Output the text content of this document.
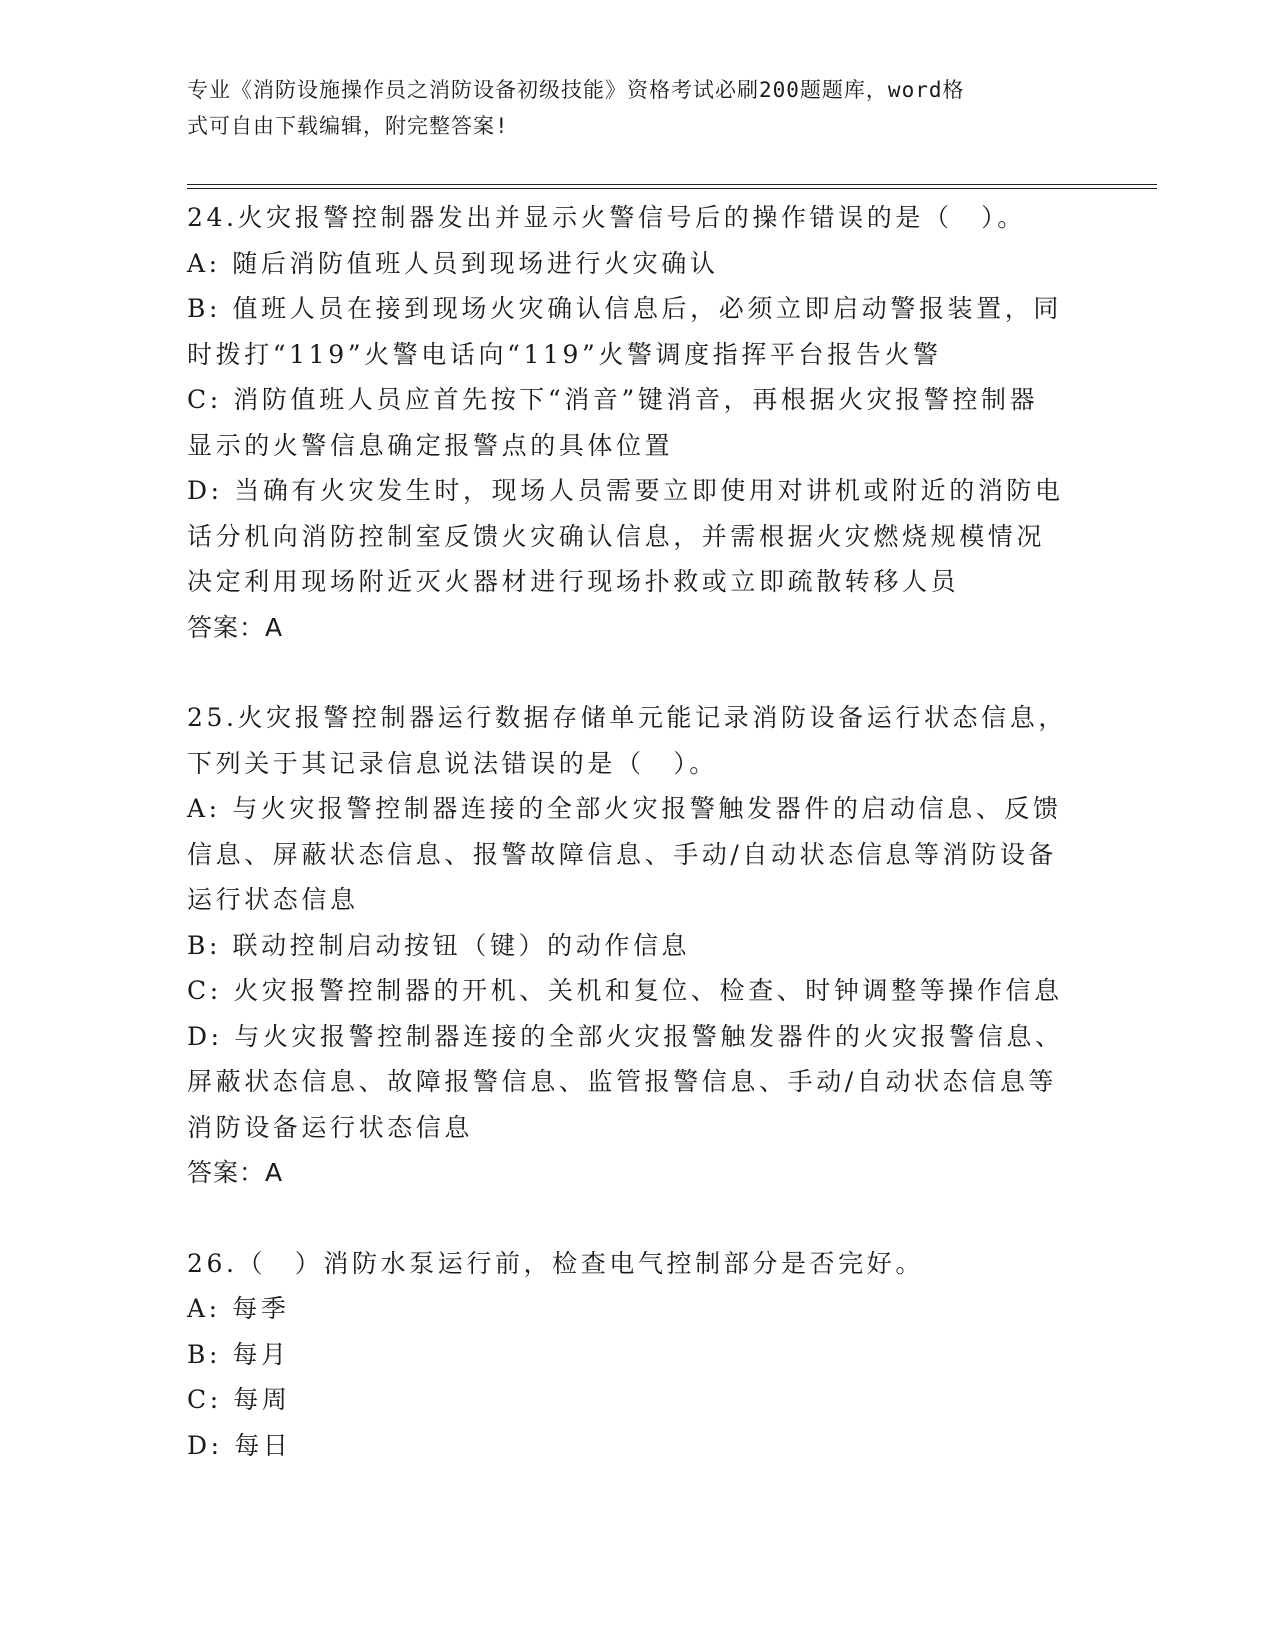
专业《消防设施操作员之消防设备初级技能》资格考试必刷200题题库，word格
式可自由下载编辑，附完整答案!

24.火灾报警控制器发出并显示火警信号后的操作错误的是（　）。
A: 随后消防值班人员到现场进行火灾确认
B: 值班人员在接到现场火灾确认信息后，必须立即启动警报装置，同
时拨打“119”火警电话向“119”火警调度指挥平台报告火警
C: 消防值班人员应首先按下“消音”键消音，再根据火灾报警控制器
显示的火警信息确定报警点的具体位置
D: 当确有火灾发生时，现场人员需要立即使用对讲机或附近的消防电
话分机向消防控制室反馈火灾确认信息，并需根据火灾燃烧规模情况
决定利用现场附近灭火器材进行现场扑救或立即疏散转移人员
答案：A
25.火灾报警控制器运行数据存储单元能记录消防设备运行状态信息，
下列关于其记录信息说法错误的是（　）。
A: 与火灾报警控制器连接的全部火灾报警触发器件的启动信息、反馈
信息、屏蔽状态信息、报警故障信息、手动/自动状态信息等消防设备
运行状态信息
B: 联动控制启动按钮（键）的动作信息
C: 火灾报警控制器的开机、关机和复位、检查、时钟调整等操作信息
D: 与火灾报警控制器连接的全部火灾报警触发器件的火灾报警信息、
屏蔽状态信息、故障报警信息、监管报警信息、手动/自动状态信息等
消防设备运行状态信息
答案：A
26.（　）消防水泵运行前，检查电气控制部分是否完好。
A: 每季
B: 每月
C: 每周
D: 每日
